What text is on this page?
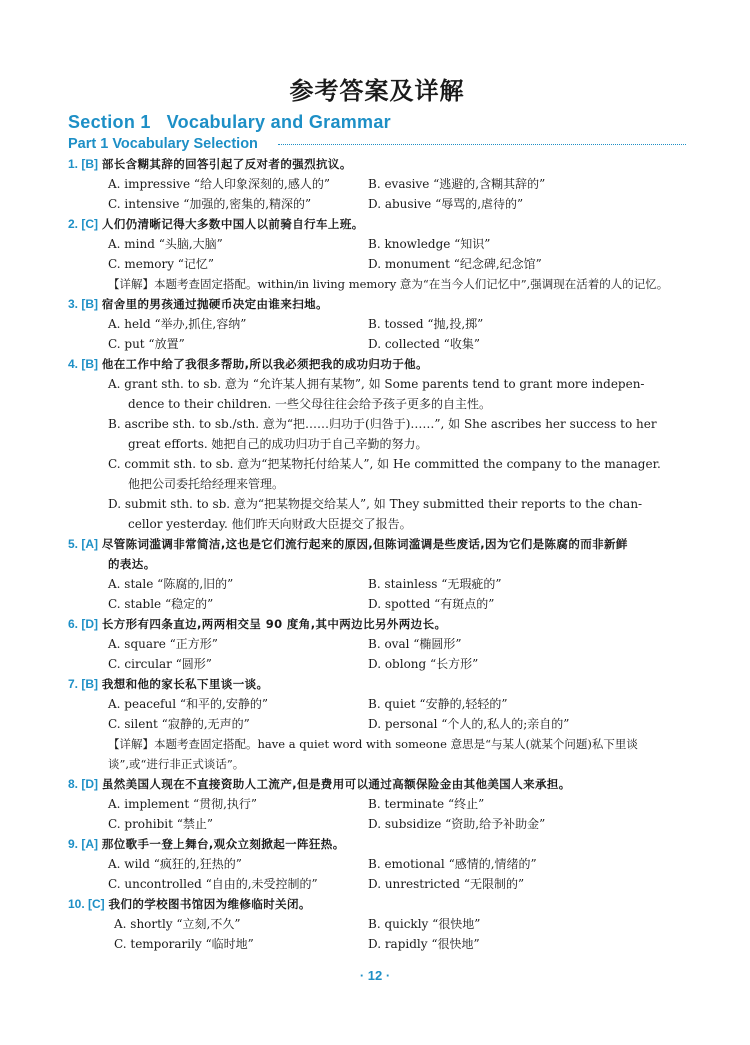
参考答案及详解
Section 1   Vocabulary and Grammar
Part 1 Vocabulary Selection
1. [B] 部长含糊其辞的回答引起了反对者的强烈抗议。
A. impressive “给人印象深刻的,感人的”	B. evasive “逃避的,含糊其辞的”
C. intensive “加强的,密集的,精深的”	D. abusive “辱骂的,虐待的”
2. [C] 人们仍清晰记得大多数中国人以前骑自行车上班。
A. mind “头脑,大脑”	B. knowledge “知识”
C. memory “记忆”	D. monument “纪念碑,纪念馆”
【详解】本题考查固定搭配。within/in living memory 意为“在当今人们记忆中”,强调现在活着的人的记忆。
3. [B] 宿舍里的男孩通过抛硬币决定由谁来扫地。
A. held “举办,抓住,容纳”	B. tossed “抛,投,掷”
C. put “放置”	D. collected “收集”
4. [B] 他在工作中给了我很多帮助,所以我必须把我的成功归功于他。
A. grant sth. to sb. 意为 “允许某人拥有某物”, 如 Some parents tend to grant more indepen-
dence to their children. 一些父母往往会给予孩子更多的自主性。
B. ascribe sth. to sb./sth. 意为“把……归功于(归咎于)……”, 如 She ascribes her success to her
great efforts. 她把自己的成功归功于自己辛勤的努力。
C. commit sth. to sb. 意为“把某物托付给某人”, 如 He committed the company to the manager.
他把公司委托给经理来管理。
D. submit sth. to sb. 意为“把某物提交给某人”, 如 They submitted their reports to the chan-
cellor yesterday. 他们昨天向财政大臣提交了报告。
5. [A] 尽管陈词滥调非常简洁,这也是它们流行起来的原因,但陈词滥调是些废话,因为它们是陈腐的而非新鲜
的表达。
A. stale “陈腐的,旧的”	B. stainless “无瑕疵的”
C. stable “稳定的”	D. spotted “有斑点的”
6. [D] 长方形有四条直边,两两相交呈 90 度角,其中两边比另外两边长。
A. square “正方形”	B. oval “椭圆形”
C. circular “圆形”	D. oblong “长方形”
7. [B] 我想和他的家长私下里谈一谈。
A. peaceful “和平的,安静的”	B. quiet “安静的,轻轻的”
C. silent “寂静的,无声的”	D. personal “个人的,私人的;亲自的”
【详解】本题考查固定搭配。have a quiet word with someone 意思是“与某人(就某个问题)私下里谈
谈”,或“进行非正式谈话”。
8. [D] 虽然美国人现在不直接资助人工流产,但是费用可以通过高额保险金由其他美国人来承担。
A. implement “贯彻,执行”	B. terminate “终止”
C. prohibit “禁止”	D. subsidize “资助,给予补助金”
9. [A] 那位歌手一登上舞台,观众立刻掀起一阵狂热。
A. wild “疯狂的,狂热的”	B. emotional “感情的,情绪的”
C. uncontrolled “自由的,未受控制的”	D. unrestricted “无限制的”
10. [C] 我们的学校图书馆因为维修临时关闭。
A. shortly “立刻,不久”	B. quickly “很快地”
C. temporarily “临时地”	D. rapidly “很快地”
· 12 ·
